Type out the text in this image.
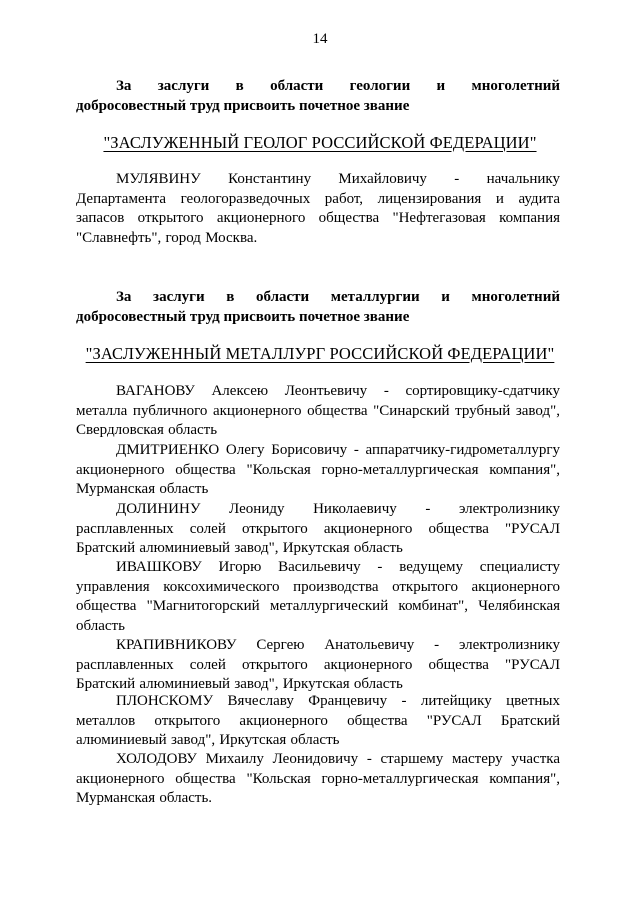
14
За заслуги в области геологии и многолетний
добросовестный труд присвоить почетное звание
"ЗАСЛУЖЕННЫЙ ГЕОЛОГ РОССИЙСКОЙ ФЕДЕРАЦИИ"
МУЛЯВИНУ Константину Михайловичу - начальнику Департамента геологоразведочных работ, лицензирования и аудита запасов открытого акционерного общества "Нефтегазовая компания "Славнефть", город Москва.
За заслуги в области металлургии и многолетний
добросовестный труд присвоить почетное звание
"ЗАСЛУЖЕННЫЙ МЕТАЛЛУРГ РОССИЙСКОЙ ФЕДЕРАЦИИ"
ВАГАНОВУ Алексею Леонтьевичу - сортировщику-сдатчику металла публичного акционерного общества "Синарский трубный завод", Свердловская область
ДМИТРИЕНКО Олегу Борисовичу - аппаратчику-гидрометаллургу акционерного общества "Кольская горно-металлургическая компания", Мурманская область
ДОЛИНИНУ Леониду Николаевичу - электролизнику расплавленных солей открытого акционерного общества "РУСАЛ Братский алюминиевый завод", Иркутская область
ИВАШКОВУ Игорю Васильевичу - ведущему специалисту управления коксохимического производства открытого акционерного общества "Магнитогорский металлургический комбинат", Челябинская область
КРАПИВНИКОВУ Сергею Анатольевичу - электролизнику расплавленных солей открытого акционерного общества "РУСАЛ Братский алюминиевый завод", Иркутская область
ПЛОНСКОМУ Вячеславу Францевичу - литейщику цветных металлов открытого акционерного общества "РУСАЛ Братский алюминиевый завод", Иркутская область
ХОЛОДОВУ Михаилу Леонидовичу - старшему мастеру участка акционерного общества "Кольская горно-металлургическая компания", Мурманская область.
